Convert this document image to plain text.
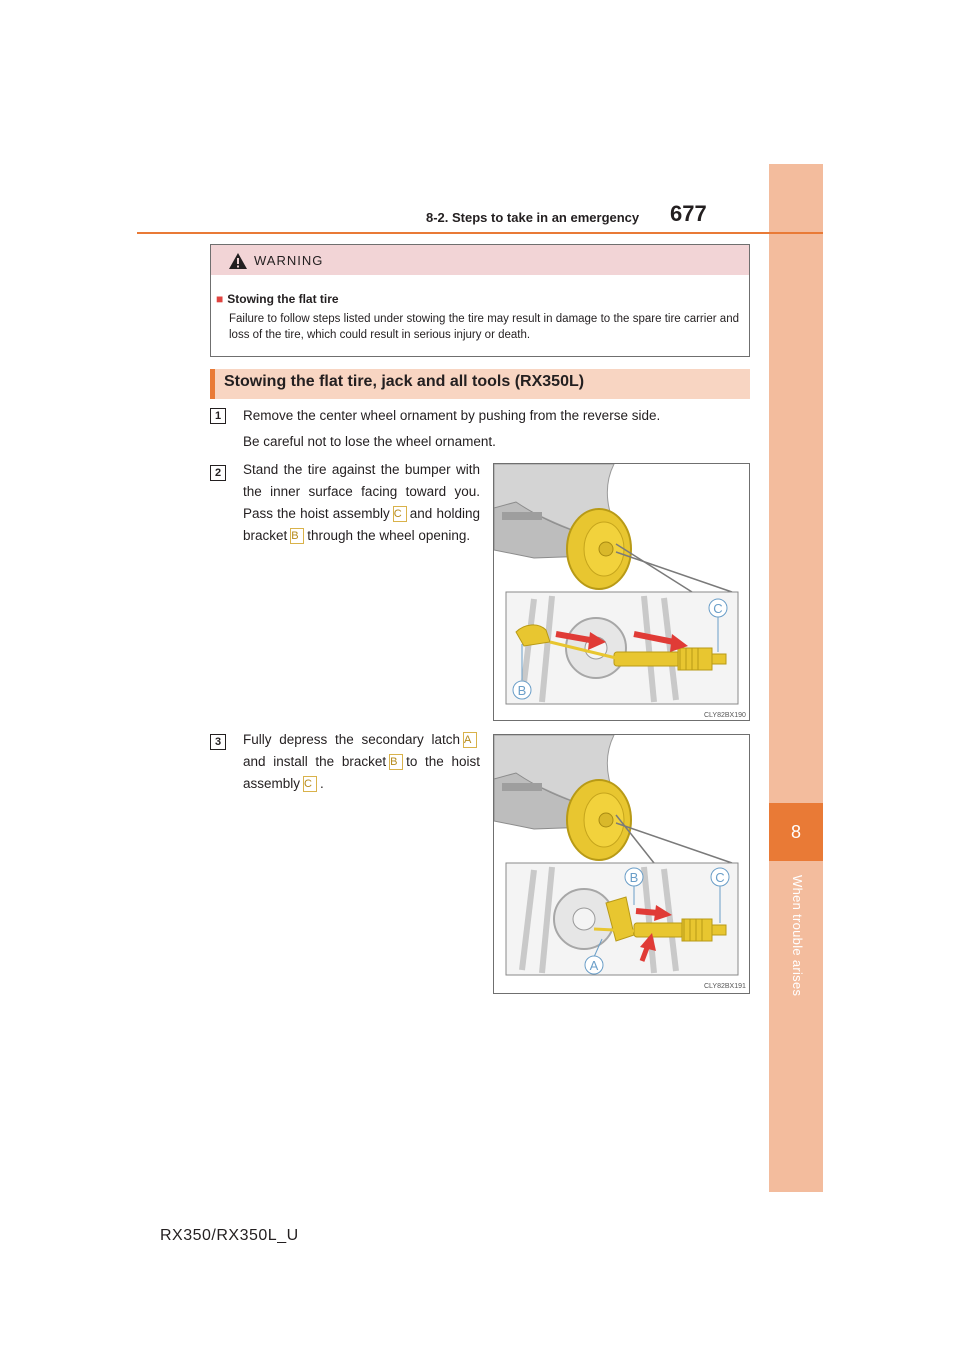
8
When trouble arises
8-2. Steps to take in an emergency 677
WARNING
■ Stowing the flat tire
Failure to follow steps listed under stowing the tire may result in damage to the spare tire carrier and loss of the tire, which could result in serious injury or death.
Stowing the flat tire, jack and all tools (RX350L)
1	Remove the center wheel ornament by pushing from the reverse side.
Be careful not to lose the wheel ornament.
2	Stand the tire against the bumper with the inner surface facing toward you. Pass the hoist assembly C and holding bracket B through the wheel opening.
C
B
CLY82BX190
3	Fully depress the secondary latch Aand install the bracket B to the hoist assembly C .
B	C
A
CLY82BX191
RX350/RX350L_U
